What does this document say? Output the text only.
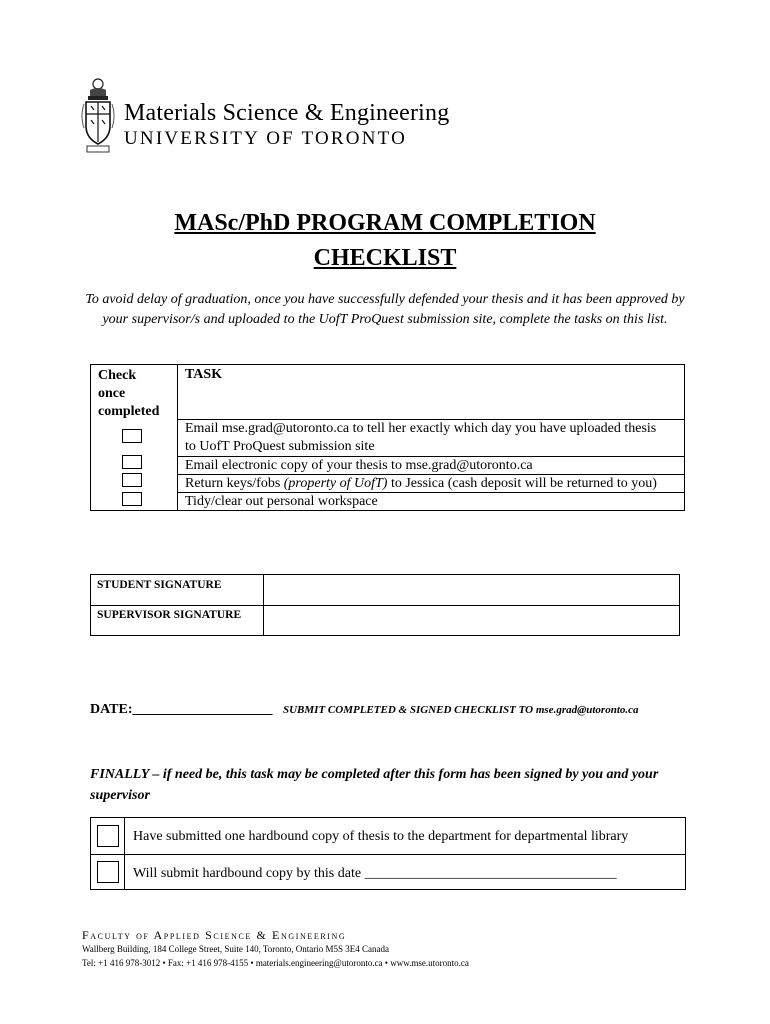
Materials Science & Engineering
UNIVERSITY OF TORONTO
MASc/PhD PROGRAM COMPLETION
CHECKLIST
To avoid delay of graduation, once you have successfully defended your thesis and it has been approved by your supervisor/s and uploaded to the UofT ProQuest submission site, complete the tasks on this list.
Check
once
completed
TASK
Email mse.grad@utoronto.ca to tell her exactly which day you have uploaded thesis
to UofT ProQuest submission site
Email electronic copy of your thesis to mse.grad@utoronto.ca
Return keys/fobs (property of UofT) to Jessica (cash deposit will be returned to you)
Tidy/clear out personal workspace
STUDENT SIGNATURE
SUPERVISOR SIGNATURE
DATE:____________________ SUBMIT COMPLETED & SIGNED CHECKLIST TO mse.grad@utoronto.ca
FINALLY – if need be, this task may be completed after this form has been signed by you and your supervisor
Have submitted one hardbound copy of thesis to the department for departmental library
Will submit hardbound copy by this date ____________________________________
Faculty of Applied Science & Engineering
Wallberg Building, 184 College Street, Suite 140, Toronto, Ontario M5S 3E4 Canada
Tel: +1 416 978-3012 • Fax: +1 416 978-4155 • materials.engineering@utoronto.ca • www.mse.utoronto.ca
